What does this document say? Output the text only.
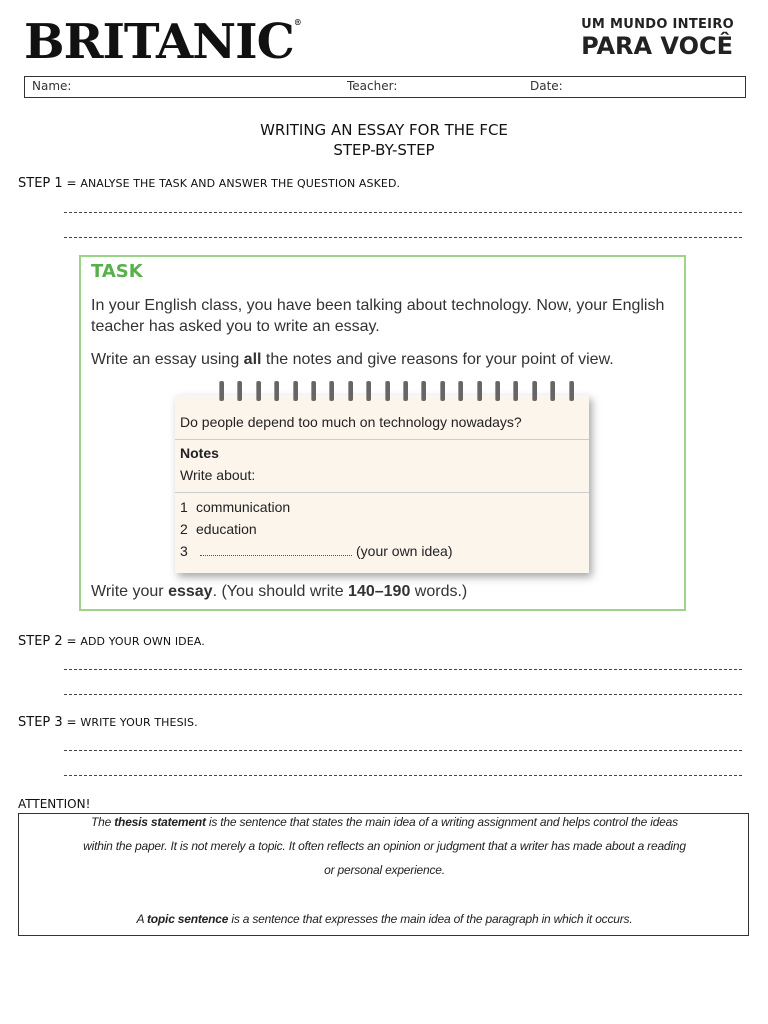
BRITANIC®	UM MUNDO INTEIRO
PARA VOCÊ
Name:	Teacher:	Date:
WRITING AN ESSAY FOR THE FCE
STEP-BY-STEP
STEP 1 = ANALYSE THE TASK AND ANSWER THE QUESTION ASKED.
TASK
In your English class, you have been talking about technology. Now, your English teacher has asked you to write an essay.
Write an essay using all the notes and give reasons for your point of view.
Do people depend too much on technology nowadays?
Notes
Write about:
1 communication
2 education
3	(your own idea)
Write your essay. (You should write 140–190 words.)
STEP 2 = ADD YOUR OWN IDEA.
STEP 3 = WRITE YOUR THESIS.
ATTENTION!
The thesis statement is the sentence that states the main idea of a writing assignment and helps control the ideas
within the paper. It is not merely a topic. It often reflects an opinion or judgment that a writer has made about a reading
or personal experience.
A topic sentence is a sentence that expresses the main idea of the paragraph in which it occurs.
